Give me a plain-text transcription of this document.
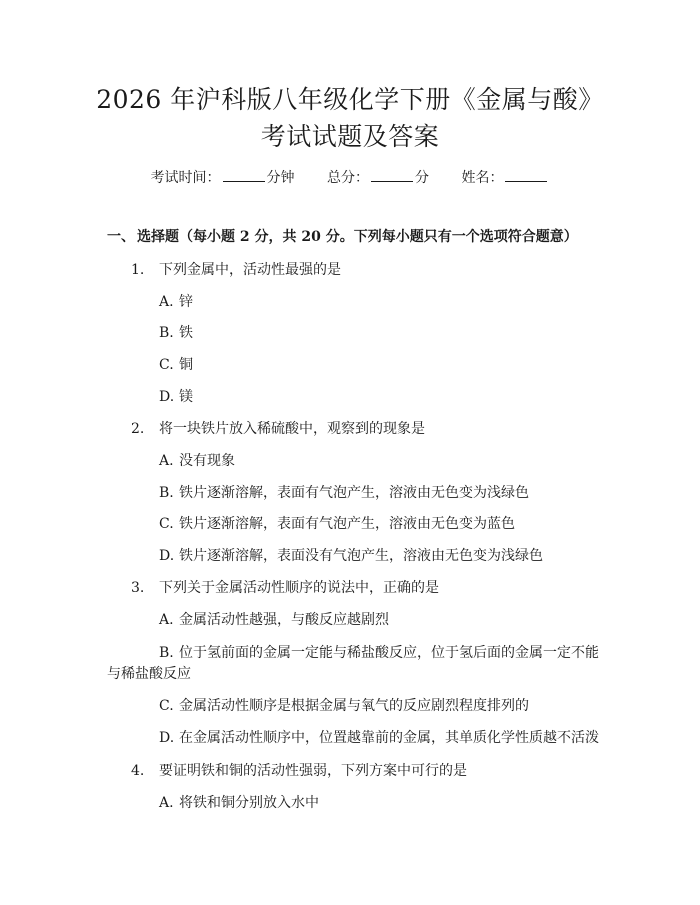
2026 年沪科版八年级化学下册《金属与酸》
考试试题及答案
考试时间：	分钟 总分：	分 姓名：
一、 选择题（每小题 2 分，共 20 分。下列每小题只有一个选项符合题意）
1. 下列金属中，活动性最强的是
A. 锌
B. 铁
C. 铜
D. 镁
2. 将一块铁片放入稀硫酸中，观察到的现象是
A. 没有现象
B. 铁片逐渐溶解，表面有气泡产生，溶液由无色变为浅绿色
C. 铁片逐渐溶解，表面有气泡产生，溶液由无色变为蓝色
D. 铁片逐渐溶解，表面没有气泡产生，溶液由无色变为浅绿色
3. 下列关于金属活动性顺序的说法中，正确的是
A. 金属活动性越强，与酸反应越剧烈
B. 位于氢前面的金属一定能与稀盐酸反应，位于氢后面的金属一定不能
与稀盐酸反应
C. 金属活动性顺序是根据金属与氧气的反应剧烈程度排列的
D. 在金属活动性顺序中，位置越靠前的金属，其单质化学性质越不活泼
4. 要证明铁和铜的活动性强弱，下列方案中可行的是
A. 将铁和铜分别放入水中
